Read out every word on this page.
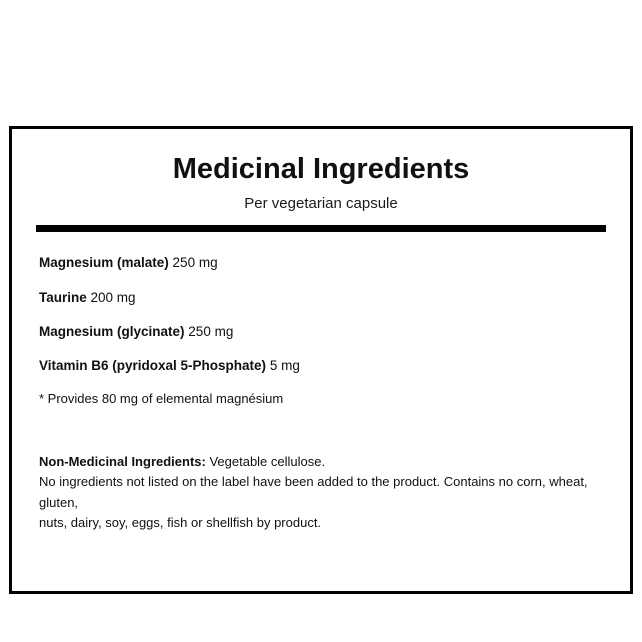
Medicinal Ingredients

Per vegetarian capsule

Magnesium (malate) 250 mg
Taurine 200 mg
Magnesium (glycinate) 250 mg
Vitamin B6 (pyridoxal 5-Phosphate) 5 mg

* Provides 80 mg of elemental magnésium

Non-Medicinal Ingredients: Vegetable cellulose.
No ingredients not listed on the label have been added to the product. Contains no corn, wheat, gluten,
nuts, dairy, soy, eggs, fish or shellfish by product.
